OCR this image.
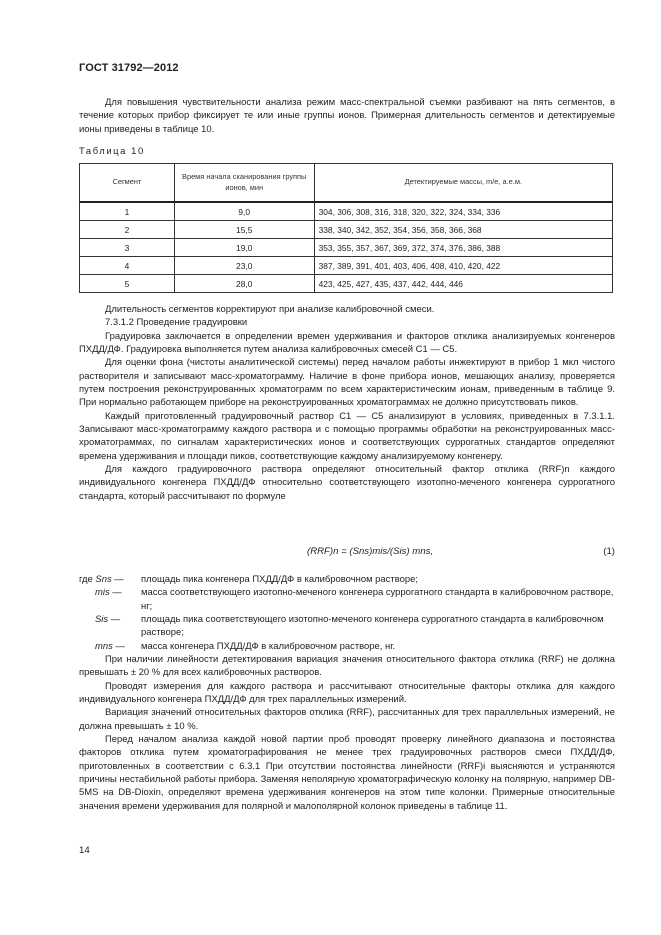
ГОСТ 31792—2012

Для повышения чувствительности анализа режим масс-спектральной съемки разбивают на пять сегментов, в течение которых прибор фиксирует те или иные группы ионов. Примерная длительность сегментов и детектируемые ионы приведены в таблице 10.

Таблица 10
Сегмент	Время начала сканирования группы ионов, мин	Детектируемые массы, m/e, а.е.м.
1	9,0	304, 306, 308, 316, 318, 320, 322, 324, 334, 336
2	15,5	338, 340, 342, 352, 354, 356, 358, 366, 368
3	19,0	353, 355, 357, 367, 369, 372, 374, 376, 386, 388
4	23,0	387, 389, 391, 401, 403, 406, 408, 410, 420, 422
5	28,0	423, 425, 427, 435, 437, 442, 444, 446

Длительность сегментов корректируют при анализе калибровочной смеси.

7.3.1.2 Проведение градуировки

Градуировка заключается в определении времен удерживания и факторов отклика анализируемых конгенеров ПХДД/ДФ. Градуировка выполняется путем анализа калибровочных смесей С1 — С5.

Для оценки фона (чистоты аналитической системы) перед началом работы инжектируют в прибор 1 мкл чистого растворителя и записывают масс-хроматограмму. Наличие в фоне прибора ионов, мешающих анализу, проверяется путем построения реконструированных хроматограмм по всем характеристическим ионам, приведенным в таблице 9. При нормально работающем приборе на реконструированных хроматограммах не должно присутствовать пиков.

Каждый приготовленный градуировочный раствор С1 — С5 анализируют в условиях, приведенных в 7.3.1.1. Записывают масс-хроматограмму каждого раствора и с помощью программы обработки на реконструированных масс-хроматограммах, по сигналам характеристических ионов и соответствующих суррогатных стандартов определяют времена удерживания и площади пиков, соответствующие каждому анализируемому конгенеру.

Для каждого градуировочного раствора определяют относительный фактор отклика (RRF)n каждого индивидуального конгенера ПХДД/ДФ относительно соответствующего изотопно-меченого конгенера суррогатного стандарта, который рассчитывают по формуле

(RRF)n = (Sns)mis/(Sis) mns,	(1)
где Sns —	площадь пика конгенера ПХДД/ДФ в калибровочном растворе;
mis —	масса соответствующего изотопно-меченого конгенера суррогатного стандарта в калибровочном растворе, нг;
Sis —	площадь пика соответствующего изотопно-меченого конгенера суррогатного стандарта в калибровочном растворе;
mns —	масса конгенера ПХДД/ДФ в калибровочном растворе, нг.

При наличии линейности детектирования вариация значения относительного фактора отклика (RRF) не должна превышать ± 20 % для всех калибровочных растворов.

Проводят измерения для каждого раствора и рассчитывают относительные факторы отклика для каждого индивидуального конгенера ПХДД/ДФ для трех параллельных измерений.

Вариация значений относительных факторов отклика (RRF), рассчитанных для трех параллельных измерений, не должна превышать ± 10 %.

Перед началом анализа каждой новой партии проб проводят проверку линейного диапазона и постоянства факторов отклика путем хроматографирования не менее трех градуировочных растворов смеси ПХДД/ДФ, приготовленных в соответствии с 6.3.1 При отсутствии постоянства линейности (RRF)i выясняются и устраняются причины нестабильной работы прибора. Заменяя неполярную хроматографическую колонку на полярную, например DB-5MS на DB-Dioxin, определяют времена удерживания конгенеров на этом типе колонки. Примерные относительные значения времени удерживания для полярной и малополярной колонок приведены в таблице 11.

14
